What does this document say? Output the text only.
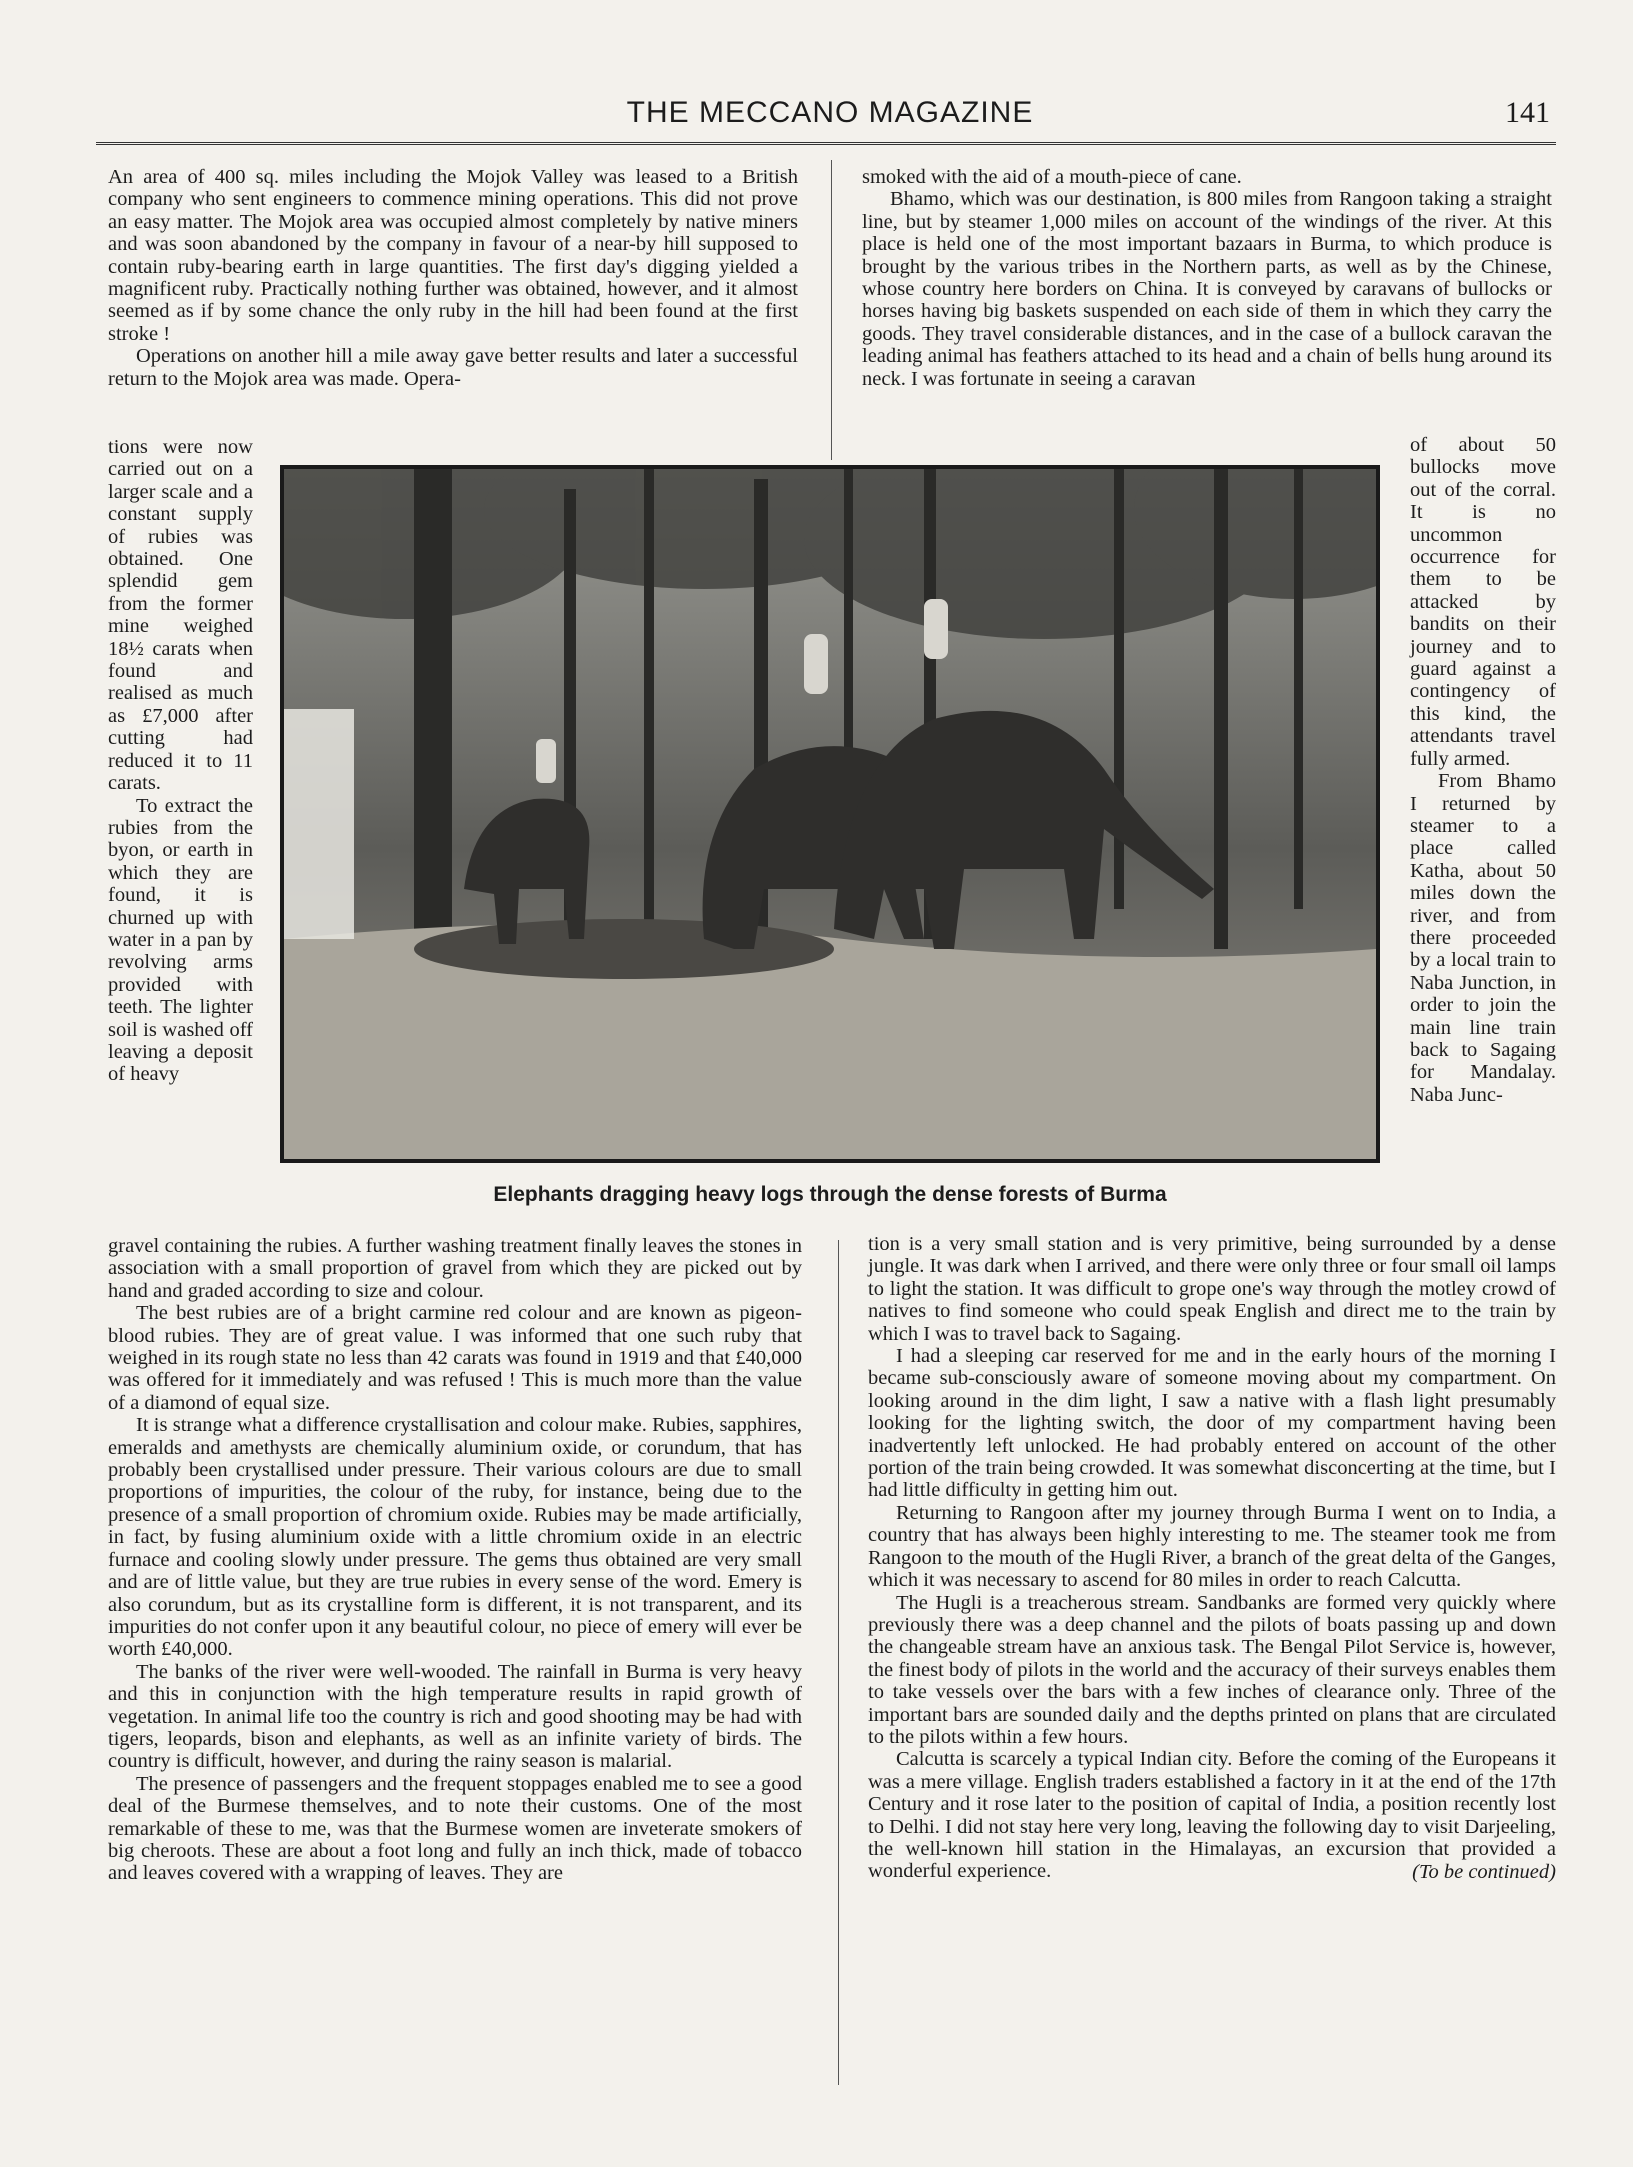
THE MECCANO MAGAZINE	141

An area of 400 sq. miles including the Mojok Valley was leased to a British company who sent engineers to commence mining operations. This did not prove an easy matter. The Mojok area was occupied almost completely by native miners and was soon abandoned by the company in favour of a near-by hill supposed to contain ruby-bearing earth in large quantities. The first day's digging yielded a magnificent ruby. Practically nothing further was obtained, however, and it almost seemed as if by some chance the only ruby in the hill had been found at the first stroke !

Operations on another hill a mile away gave better results and later a successful return to the Mojok area was made. Opera-

tions were now carried out on a larger scale and a constant supply of rubies was obtained. One splendid gem from the former mine weighed 18½ carats when found and realised as much as £7,000 after cutting had reduced it to 11 carats.

To extract the rubies from the byon, or earth in which they are found, it is churned up with water in a pan by revolving arms provided with teeth. The lighter soil is washed off leaving a deposit of heavy

gravel containing the rubies. A further washing treatment finally leaves the stones in association with a small proportion of gravel from which they are picked out by hand and graded according to size and colour.

The best rubies are of a bright carmine red colour and are known as pigeon-blood rubies. They are of great value. I was informed that one such ruby that weighed in its rough state no less than 42 carats was found in 1919 and that £40,000 was offered for it immediately and was refused ! This is much more than the value of a diamond of equal size.

It is strange what a difference crystallisation and colour make. Rubies, sapphires, emeralds and amethysts are chemically aluminium oxide, or corundum, that has probably been crystallised under pressure. Their various colours are due to small proportions of impurities, the colour of the ruby, for instance, being due to the presence of a small proportion of chromium oxide. Rubies may be made artificially, in fact, by fusing aluminium oxide with a little chromium oxide in an electric furnace and cooling slowly under pressure. The gems thus obtained are very small and are of little value, but they are true rubies in every sense of the word. Emery is also corundum, but as its crystalline form is different, it is not transparent, and its impurities do not confer upon it any beautiful colour, no piece of emery will ever be worth £40,000.

The banks of the river were well-wooded. The rainfall in Burma is very heavy and this in conjunction with the high temperature results in rapid growth of vegetation. In animal life too the country is rich and good shooting may be had with tigers, leopards, bison and elephants, as well as an infinite variety of birds. The country is difficult, however, and during the rainy season is malarial.

The presence of passengers and the frequent stoppages enabled me to see a good deal of the Burmese themselves, and to note their customs. One of the most remarkable of these to me, was that the Burmese women are inveterate smokers of big cheroots. These are about a foot long and fully an inch thick, made of tobacco and leaves covered with a wrapping of leaves. They are

smoked with the aid of a mouth-piece of cane.

Bhamo, which was our destination, is 800 miles from Rangoon taking a straight line, but by steamer 1,000 miles on account of the windings of the river. At this place is held one of the most important bazaars in Burma, to which produce is brought by the various tribes in the Northern parts, as well as by the Chinese, whose country here borders on China. It is conveyed by caravans of bullocks or horses having big baskets suspended on each side of them in which they carry the goods. They travel considerable distances, and in the case of a bullock caravan the leading animal has feathers attached to its head and a chain of bells hung around its neck. I was fortunate in seeing a caravan

of about 50 bullocks move out of the corral. It is no uncommon occurrence for them to be attacked by bandits on their journey and to guard against a contingency of this kind, the attendants travel fully armed.

From Bhamo I returned by steamer to a place called Katha, about 50 miles down the river, and from there proceeded by a local train to Naba Junction, in order to join the main line train back to Sagaing for Mandalay. Naba Junc-

tion is a very small station and is very primitive, being surrounded by a dense jungle. It was dark when I arrived, and there were only three or four small oil lamps to light the station. It was difficult to grope one's way through the motley crowd of natives to find someone who could speak English and direct me to the train by which I was to travel back to Sagaing.

I had a sleeping car reserved for me and in the early hours of the morning I became sub-consciously aware of someone moving about my compartment. On looking around in the dim light, I saw a native with a flash light presumably looking for the lighting switch, the door of my compartment having been inadvertently left unlocked. He had probably entered on account of the other portion of the train being crowded. It was somewhat disconcerting at the time, but I had little difficulty in getting him out.

Returning to Rangoon after my journey through Burma I went on to India, a country that has always been highly interesting to me. The steamer took me from Rangoon to the mouth of the Hugli River, a branch of the great delta of the Ganges, which it was necessary to ascend for 80 miles in order to reach Calcutta.

The Hugli is a treacherous stream. Sandbanks are formed very quickly where previously there was a deep channel and the pilots of boats passing up and down the changeable stream have an anxious task. The Bengal Pilot Service is, however, the finest body of pilots in the world and the accuracy of their surveys enables them to take vessels over the bars with a few inches of clearance only. Three of the important bars are sounded daily and the depths printed on plans that are circulated to the pilots within a few hours.

Calcutta is scarcely a typical Indian city. Before the coming of the Europeans it was a mere village. English traders established a factory in it at the end of the 17th Century and it rose later to the position of capital of India, a position recently lost to Delhi. I did not stay here very long, leaving the following day to visit Darjeeling, the well-known hill station in the Himalayas, an excursion that provided a wonderful experience.	(To be continued)

Elephants dragging heavy logs through the dense forests of Burma
